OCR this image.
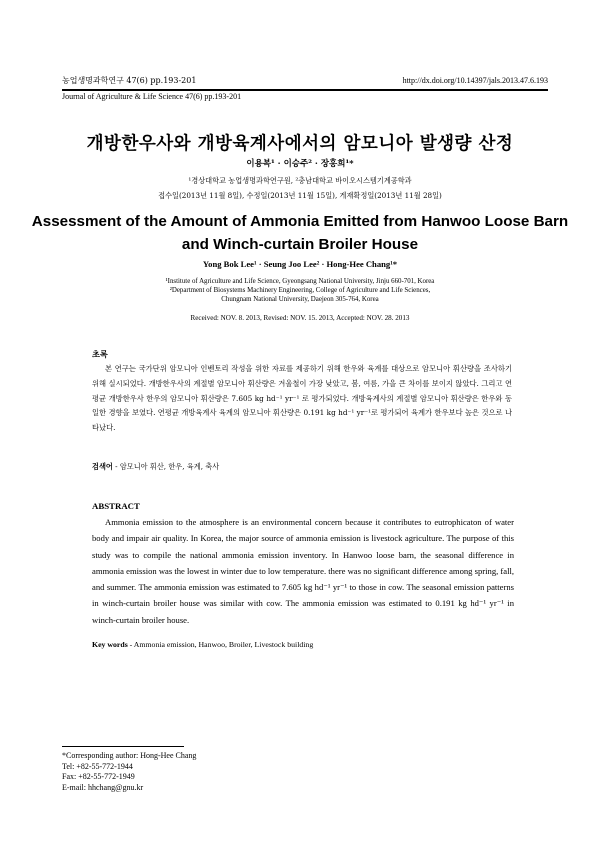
농업생명과학연구 47(6) pp.193-201	http://dx.doi.org/10.14397/jals.2013.47.6.193
Journal of Agriculture & Life Science 47(6) pp.193-201
개방한우사와 개방육계사에서의 암모니아 발생량 산정
이용복¹ · 이승주² · 장홍희¹*
¹경상대학교 농업생명과학연구원, ²충남대학교 바이오시스템기계공학과
접수일(2013년 11월 8일), 수정일(2013년 11월 15일), 게재확정일(2013년 11월 28일)
Assessment of the Amount of Ammonia Emitted from Hanwoo Loose Barn
and Winch-curtain Broiler House
Yong Bok Lee¹ · Seung Joo Lee² · Hong-Hee Chang¹*
¹Institute of Agriculture and Life Science, Gyeongsang National University, Jinju 660-701, Korea
²Department of Biosystems Machinery Engineering, College of Agriculture and Life Sciences,
Chungnam National University, Daejeon 305-764, Korea
Received: NOV. 8. 2013, Revised: NOV. 15. 2013, Accepted: NOV. 28. 2013
초록
본 연구는 국가단위 암모니아 인벤토리 작성을 위한 자료를 제공하기 위해 한우와 육계를 대상으로 암모니아 휘산량을 조사하기 위해 실시되었다. 개방한우사의 계절별 암모니아 휘산량은 겨울철이 가장 낮았고, 봄, 여름, 가을 큰 차이를 보이지 않았다. 그리고 연평균 개방한우사 한우의 암모니아 휘산량은 7.605 kg hd⁻¹ yr⁻¹ 로 평가되었다. 개방육계사의 계절별 암모니아 휘산량은 한우와 동일한 경향을 보였다. 연평균 개방육계사 육계의 암모니아 휘산량은 0.191 kg hd⁻¹ yr⁻¹로 평가되어 육계가 한우보다 높은 것으로 나타났다.
검색어 - 암모니아 휘산, 한우, 육계, 축사
ABSTRACT
Ammonia emission to the atmosphere is an environmental concern because it contributes to eutrophicaton of water body and impair air quality. In Korea, the major source of ammonia emission is livestock agriculture. The purpose of this study was to compile the national ammonia emission inventory. In Hanwoo loose barn, the seasonal difference in ammonia emission was the lowest in winter due to low temperature. there was no significant difference among spring, fall, and summer. The ammonia emission was estimated to 7.605 kg hd⁻¹ yr⁻¹ to those in cow. The seasonal emission patterns in winch-curtain broiler house was similar with cow. The ammonia emission was estimated to 0.191 kg hd⁻¹ yr⁻¹ in winch-curtain broiler house.
Key words - Ammonia emission, Hanwoo, Broiler, Livestock building
*Corresponding author: Hong-Hee Chang
Tel: +82-55-772-1944
Fax: +82-55-772-1949
E-mail: hhchang@gnu.kr
